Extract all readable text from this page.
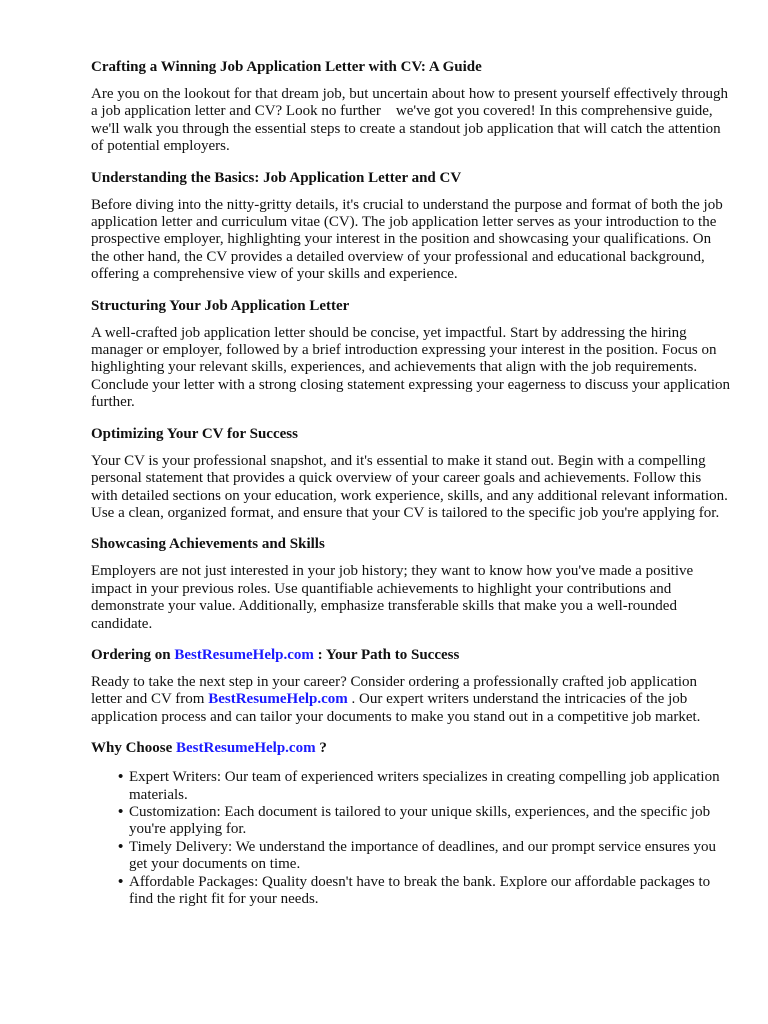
Crafting a Winning Job Application Letter with CV: A Guide

Are you on the lookout for that dream job, but uncertain about how to present yourself effectively through a job application letter and CV? Look no further   we've got you covered! In this comprehensive guide, we'll walk you through the essential steps to create a standout job application that will catch the attention of potential employers.

Understanding the Basics: Job Application Letter and CV

Before diving into the nitty-gritty details, it's crucial to understand the purpose and format of both the job application letter and curriculum vitae (CV). The job application letter serves as your introduction to the prospective employer, highlighting your interest in the position and showcasing your qualifications. On the other hand, the CV provides a detailed overview of your professional and educational background, offering a comprehensive view of your skills and experience.

Structuring Your Job Application Letter

A well-crafted job application letter should be concise, yet impactful. Start by addressing the hiring manager or employer, followed by a brief introduction expressing your interest in the position. Focus on highlighting your relevant skills, experiences, and achievements that align with the job requirements. Conclude your letter with a strong closing statement expressing your eagerness to discuss your application further.

Optimizing Your CV for Success

Your CV is your professional snapshot, and it's essential to make it stand out. Begin with a compelling personal statement that provides a quick overview of your career goals and achievements. Follow this with detailed sections on your education, work experience, skills, and any additional relevant information. Use a clean, organized format, and ensure that your CV is tailored to the specific job you're applying for.

Showcasing Achievements and Skills

Employers are not just interested in your job history; they want to know how you've made a positive impact in your previous roles. Use quantifiable achievements to highlight your contributions and demonstrate your value. Additionally, emphasize transferable skills that make you a well-rounded candidate.

Ordering on BestResumeHelp.com : Your Path to Success

Ready to take the next step in your career? Consider ordering a professionally crafted job application letter and CV from BestResumeHelp.com . Our expert writers understand the intricacies of the job application process and can tailor your documents to make you stand out in a competitive job market.

Why Choose BestResumeHelp.com ?
• Expert Writers: Our team of experienced writers specializes in creating compelling job application materials.
• Customization: Each document is tailored to your unique skills, experiences, and the specific job you're applying for.
• Timely Delivery: We understand the importance of deadlines, and our prompt service ensures you get your documents on time.
• Affordable Packages: Quality doesn't have to break the bank. Explore our affordable packages to find the right fit for your needs.
